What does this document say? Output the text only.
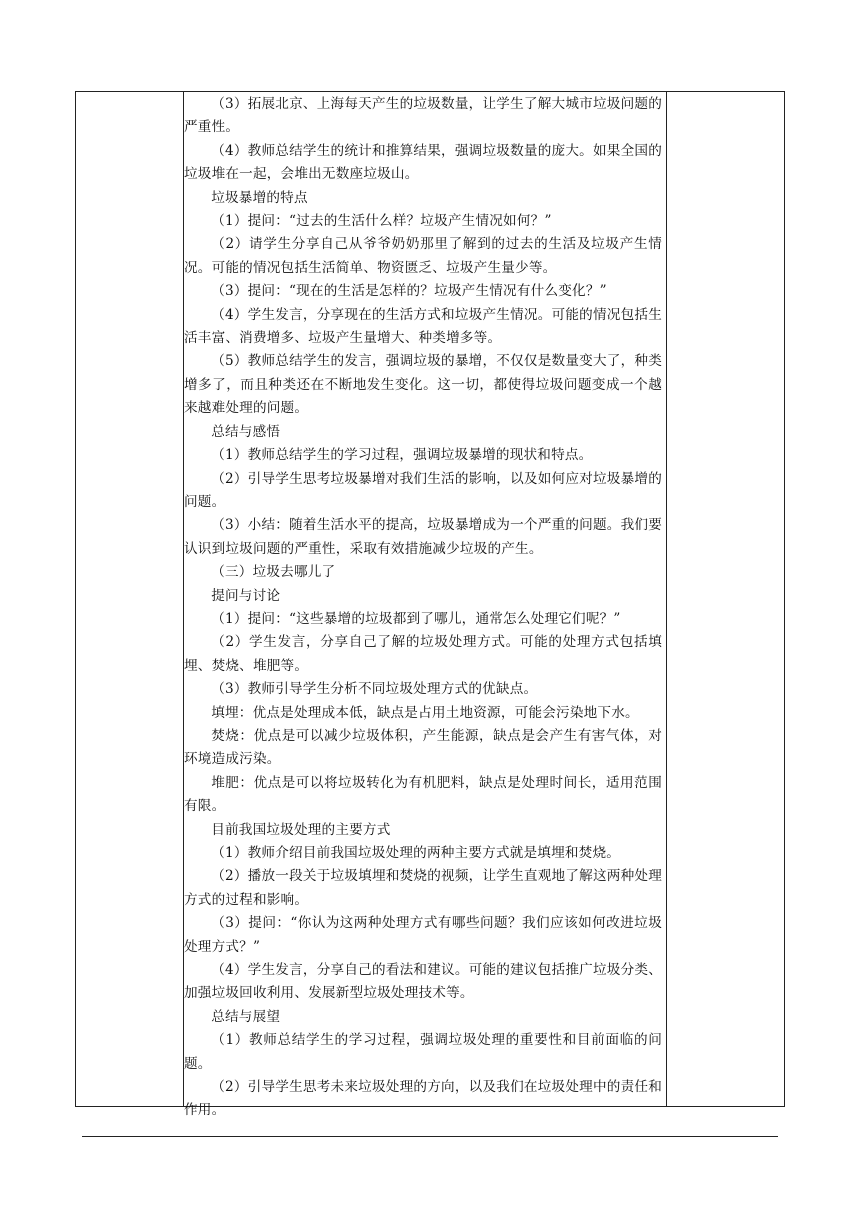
（3）拓展北京、上海每天产生的垃圾数量，让学生了解大城市垃圾问题的严重性。

（4）教师总结学生的统计和推算结果，强调垃圾数量的庞大。如果全国的垃圾堆在一起，会堆出无数座垃圾山。

垃圾暴增的特点

（1）提问：“过去的生活什么样？垃圾产生情况如何？”

（2）请学生分享自己从爷爷奶奶那里了解到的过去的生活及垃圾产生情况。可能的情况包括生活简单、物资匮乏、垃圾产生量少等。

（3）提问：“现在的生活是怎样的？垃圾产生情况有什么变化？”

（4）学生发言，分享现在的生活方式和垃圾产生情况。可能的情况包括生活丰富、消费增多、垃圾产生量增大、种类增多等。

（5）教师总结学生的发言，强调垃圾的暴增，不仅仅是数量变大了，种类增多了，而且种类还在不断地发生变化。这一切，都使得垃圾问题变成一个越来越难处理的问题。

总结与感悟

（1）教师总结学生的学习过程，强调垃圾暴增的现状和特点。

（2）引导学生思考垃圾暴增对我们生活的影响，以及如何应对垃圾暴增的问题。

（3）小结：随着生活水平的提高，垃圾暴增成为一个严重的问题。我们要认识到垃圾问题的严重性，采取有效措施减少垃圾的产生。

（三）垃圾去哪儿了

提问与讨论

（1）提问：“这些暴增的垃圾都到了哪儿，通常怎么处理它们呢？”

（2）学生发言，分享自己了解的垃圾处理方式。可能的处理方式包括填埋、焚烧、堆肥等。

（3）教师引导学生分析不同垃圾处理方式的优缺点。

填埋：优点是处理成本低，缺点是占用土地资源，可能会污染地下水。

焚烧：优点是可以减少垃圾体积，产生能源，缺点是会产生有害气体，对环境造成污染。

堆肥：优点是可以将垃圾转化为有机肥料，缺点是处理时间长，适用范围有限。

目前我国垃圾处理的主要方式

（1）教师介绍目前我国垃圾处理的两种主要方式就是填埋和焚烧。

（2）播放一段关于垃圾填埋和焚烧的视频，让学生直观地了解这两种处理方式的过程和影响。

（3）提问：“你认为这两种处理方式有哪些问题？我们应该如何改进垃圾处理方式？”

（4）学生发言，分享自己的看法和建议。可能的建议包括推广垃圾分类、加强垃圾回收利用、发展新型垃圾处理技术等。

总结与展望

（1）教师总结学生的学习过程，强调垃圾处理的重要性和目前面临的问题。

（2）引导学生思考未来垃圾处理的方向，以及我们在垃圾处理中的责任和作用。
